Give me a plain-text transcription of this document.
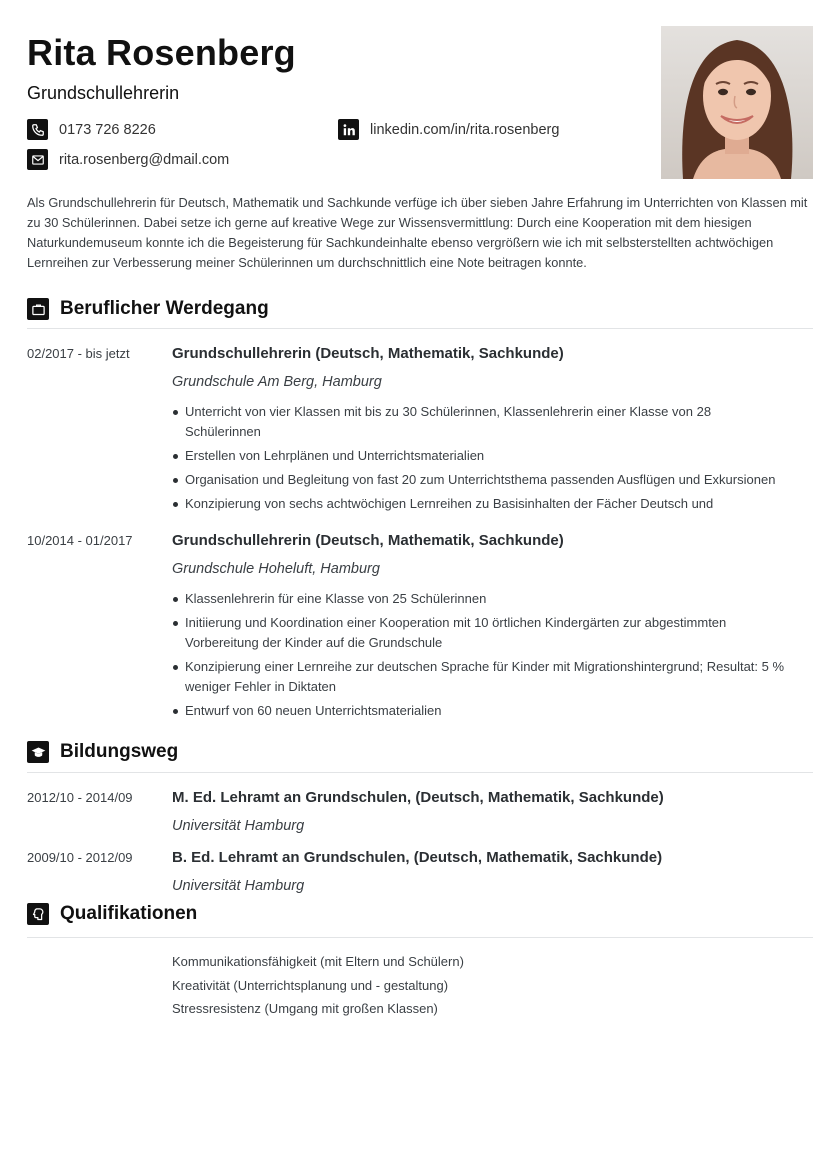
Rita Rosenberg
Grundschullehrerin
0173 726 8226
rita.rosenberg@dmail.com
linkedin.com/in/rita.rosenberg
Als Grundschullehrerin für Deutsch, Mathematik und Sachkunde verfüge ich über sieben Jahre Erfahrung im Unterrichten von Klassen mit zu 30 Schülerinnen. Dabei setze ich gerne auf kreative Wege zur Wissensvermittlung: Durch eine Kooperation mit dem hiesigen Naturkundemuseum konnte ich die Begeisterung für Sachkundeinhalte ebenso vergrößern wie ich mit selbsterstellten achtwöchigen Lernreihen zur Verbesserung meiner Schülerinnen um durchschnittlich eine Note beitragen konnte.
Beruflicher Werdegang
02/2017 - bis jetzt	Grundschullehrerin (Deutsch, Mathematik, Sachkunde)
Grundschule Am Berg, Hamburg
Unterricht von vier Klassen mit bis zu 30 Schülerinnen, Klassenlehrerin einer Klasse von 28 Schülerinnen
Erstellen von Lehrplänen und Unterrichtsmaterialien
Organisation und Begleitung von fast 20 zum Unterrichtsthema passenden Ausflügen und Exkursionen
Konzipierung von sechs achtwöchigen Lernreihen zu Basisinhalten der Fächer Deutsch und
10/2014 - 01/2017	Grundschullehrerin (Deutsch, Mathematik, Sachkunde)
Grundschule Hoheluft, Hamburg
Klassenlehrerin für eine Klasse von 25 Schülerinnen
Initiierung und Koordination einer Kooperation mit 10 örtlichen Kindergärten zur abgestimmten Vorbereitung der Kinder auf die Grundschule
Konzipierung einer Lernreihe zur deutschen Sprache für Kinder mit Migrationshintergrund; Resultat: 5 % weniger Fehler in Diktaten
Entwurf von 60 neuen Unterrichtsmaterialien
Bildungsweg
2012/10 - 2014/09	M. Ed. Lehramt an Grundschulen, (Deutsch, Mathematik, Sachkunde)
Universität Hamburg
2009/10 - 2012/09	B. Ed. Lehramt an Grundschulen, (Deutsch, Mathematik, Sachkunde)
Universität Hamburg
Qualifikationen
Kommunikationsfähigkeit (mit Eltern und Schülern)
Kreativität (Unterrichtsplanung und - gestaltung)
Stressresistenz (Umgang mit großen Klassen)
